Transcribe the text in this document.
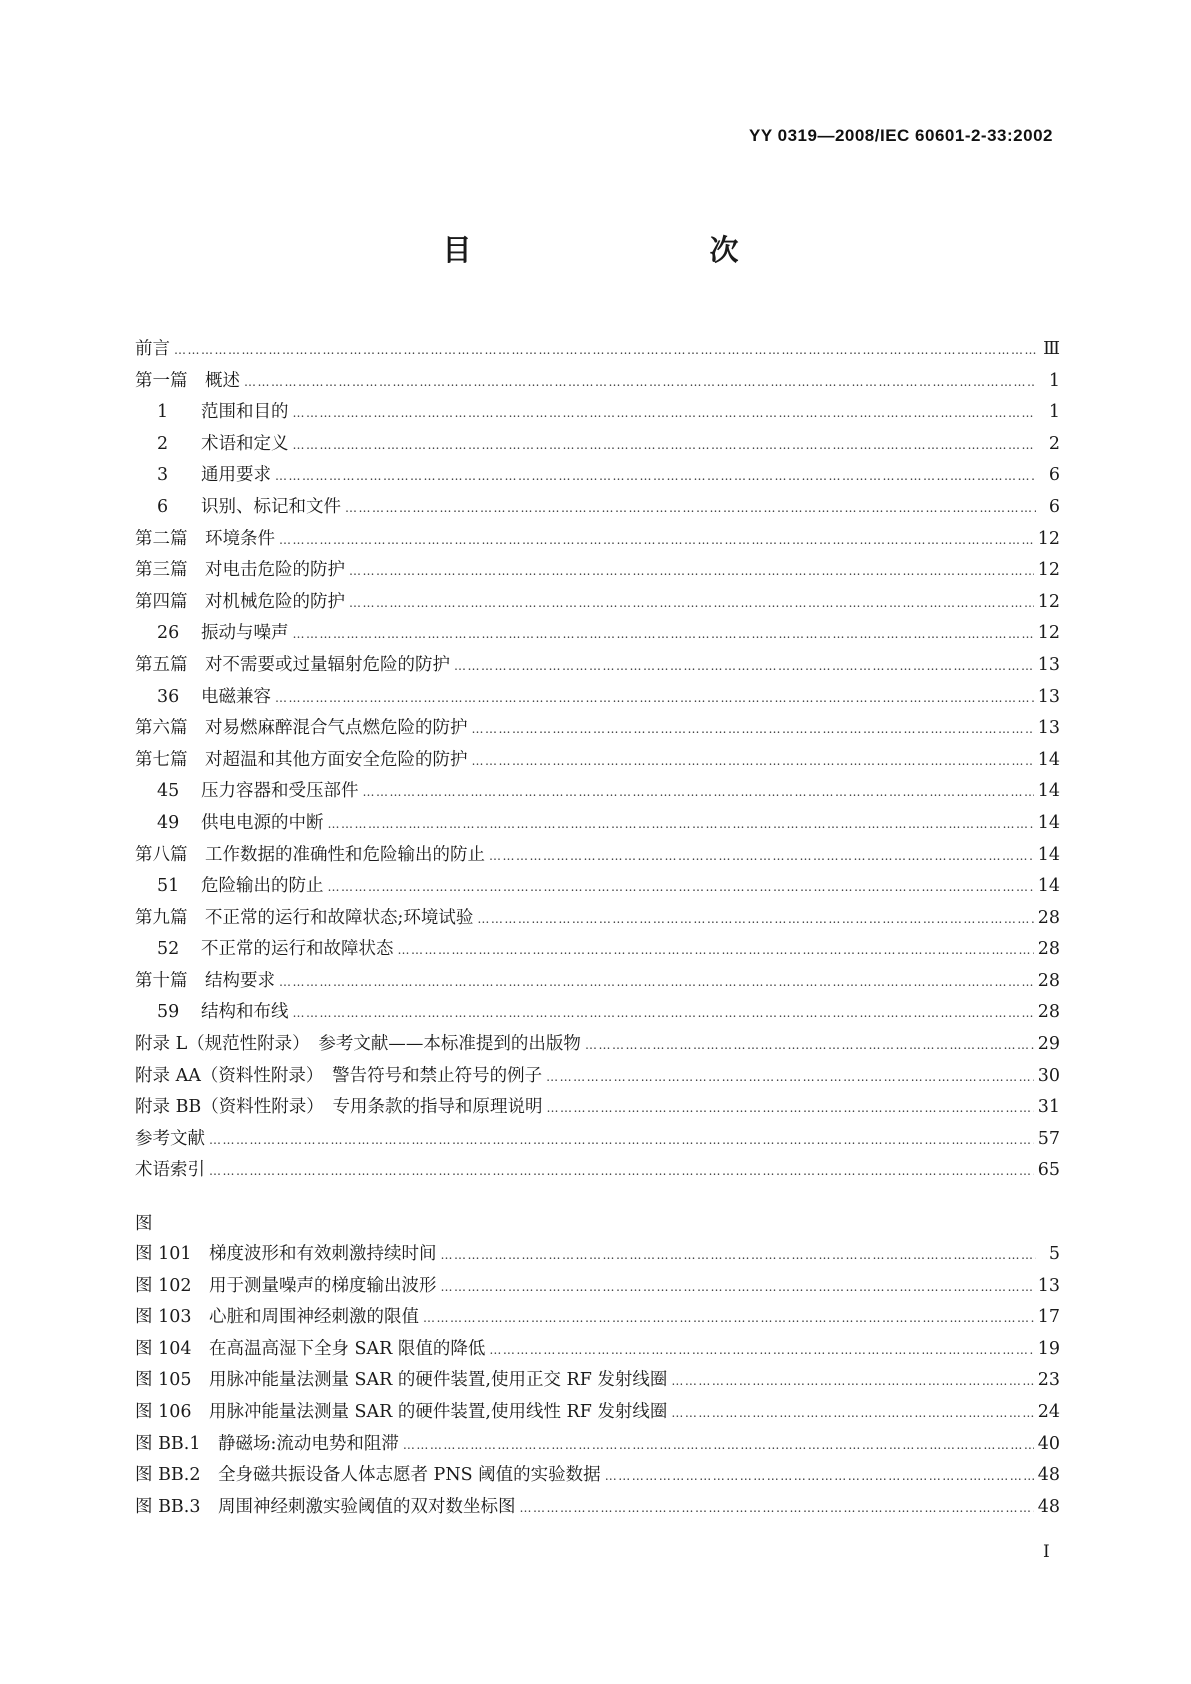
YY 0319—2008/IEC 60601-2-33:2002
目　　次
前言 ……………………………………………………………………………………………………………………………………………………………………………………………………………………………………	Ⅲ
第一篇　概述 ……………………………………………………………………………………………………………………………………………………………………………………………………………………………………	1
1	范围和目的 ……………………………………………………………………………………………………………………………………………………………………………………………………………………………………	1
2	术语和定义 ……………………………………………………………………………………………………………………………………………………………………………………………………………………………………	2
3	通用要求 ……………………………………………………………………………………………………………………………………………………………………………………………………………………………………	6
6	识别、标记和文件 ……………………………………………………………………………………………………………………………………………………………………………………………………………………………………	6
第二篇　环境条件 ……………………………………………………………………………………………………………………………………………………………………………………………………………………………………	12
第三篇　对电击危险的防护 ……………………………………………………………………………………………………………………………………………………………………………………………………………………………………	12
第四篇　对机械危险的防护 ……………………………………………………………………………………………………………………………………………………………………………………………………………………………………	12
26	振动与噪声 ……………………………………………………………………………………………………………………………………………………………………………………………………………………………………	12
第五篇　对不需要或过量辐射危险的防护 ……………………………………………………………………………………………………………………………………………………………………………………………………………………………………	13
36	电磁兼容 ……………………………………………………………………………………………………………………………………………………………………………………………………………………………………	13
第六篇　对易燃麻醉混合气点燃危险的防护 ……………………………………………………………………………………………………………………………………………………………………………………………………………………………………	13
第七篇　对超温和其他方面安全危险的防护 ……………………………………………………………………………………………………………………………………………………………………………………………………………………………………	14
45	压力容器和受压部件 ……………………………………………………………………………………………………………………………………………………………………………………………………………………………………	14
49	供电电源的中断 ……………………………………………………………………………………………………………………………………………………………………………………………………………………………………	14
第八篇　工作数据的准确性和危险输出的防止 ……………………………………………………………………………………………………………………………………………………………………………………………………………………………………	14
51	危险输出的防止 ……………………………………………………………………………………………………………………………………………………………………………………………………………………………………	14
第九篇　不正常的运行和故障状态;环境试验 ……………………………………………………………………………………………………………………………………………………………………………………………………………………………………	28
52	不正常的运行和故障状态 ……………………………………………………………………………………………………………………………………………………………………………………………………………………………………	28
第十篇　结构要求 ……………………………………………………………………………………………………………………………………………………………………………………………………………………………………	28
59	结构和布线 ……………………………………………………………………………………………………………………………………………………………………………………………………………………………………	28
附录 L（规范性附录）　参考文献——本标准提到的出版物 ……………………………………………………………………………………………………………………………………………………………………………………………………………………………………	29
附录 AA（资料性附录）　警告符号和禁止符号的例子 ……………………………………………………………………………………………………………………………………………………………………………………………………………………………………	30
附录 BB（资料性附录）　专用条款的指导和原理说明 ……………………………………………………………………………………………………………………………………………………………………………………………………………………………………	31
参考文献 ……………………………………………………………………………………………………………………………………………………………………………………………………………………………………	57
术语索引 ……………………………………………………………………………………………………………………………………………………………………………………………………………………………………	65
图
图 101　梯度波形和有效刺激持续时间 ……………………………………………………………………………………………………………………………………………………………………………………………………………………………………	5
图 102　用于测量噪声的梯度输出波形 ……………………………………………………………………………………………………………………………………………………………………………………………………………………………………	13
图 103　心脏和周围神经刺激的限值 ……………………………………………………………………………………………………………………………………………………………………………………………………………………………………	17
图 104　在高温高湿下全身 SAR 限值的降低 ……………………………………………………………………………………………………………………………………………………………………………………………………………………………………	19
图 105　用脉冲能量法测量 SAR 的硬件装置,使用正交 RF 发射线圈 ……………………………………………………………………………………………………………………………………………………………………………………………………………………………………	23
图 106　用脉冲能量法测量 SAR 的硬件装置,使用线性 RF 发射线圈 ……………………………………………………………………………………………………………………………………………………………………………………………………………………………………	24
图 BB.1　静磁场:流动电势和阻滞 ……………………………………………………………………………………………………………………………………………………………………………………………………………………………………	40
图 BB.2　全身磁共振设备人体志愿者 PNS 阈值的实验数据 ……………………………………………………………………………………………………………………………………………………………………………………………………………………………………	48
图 BB.3　周围神经刺激实验阈值的双对数坐标图 ……………………………………………………………………………………………………………………………………………………………………………………………………………………………………	48
I
